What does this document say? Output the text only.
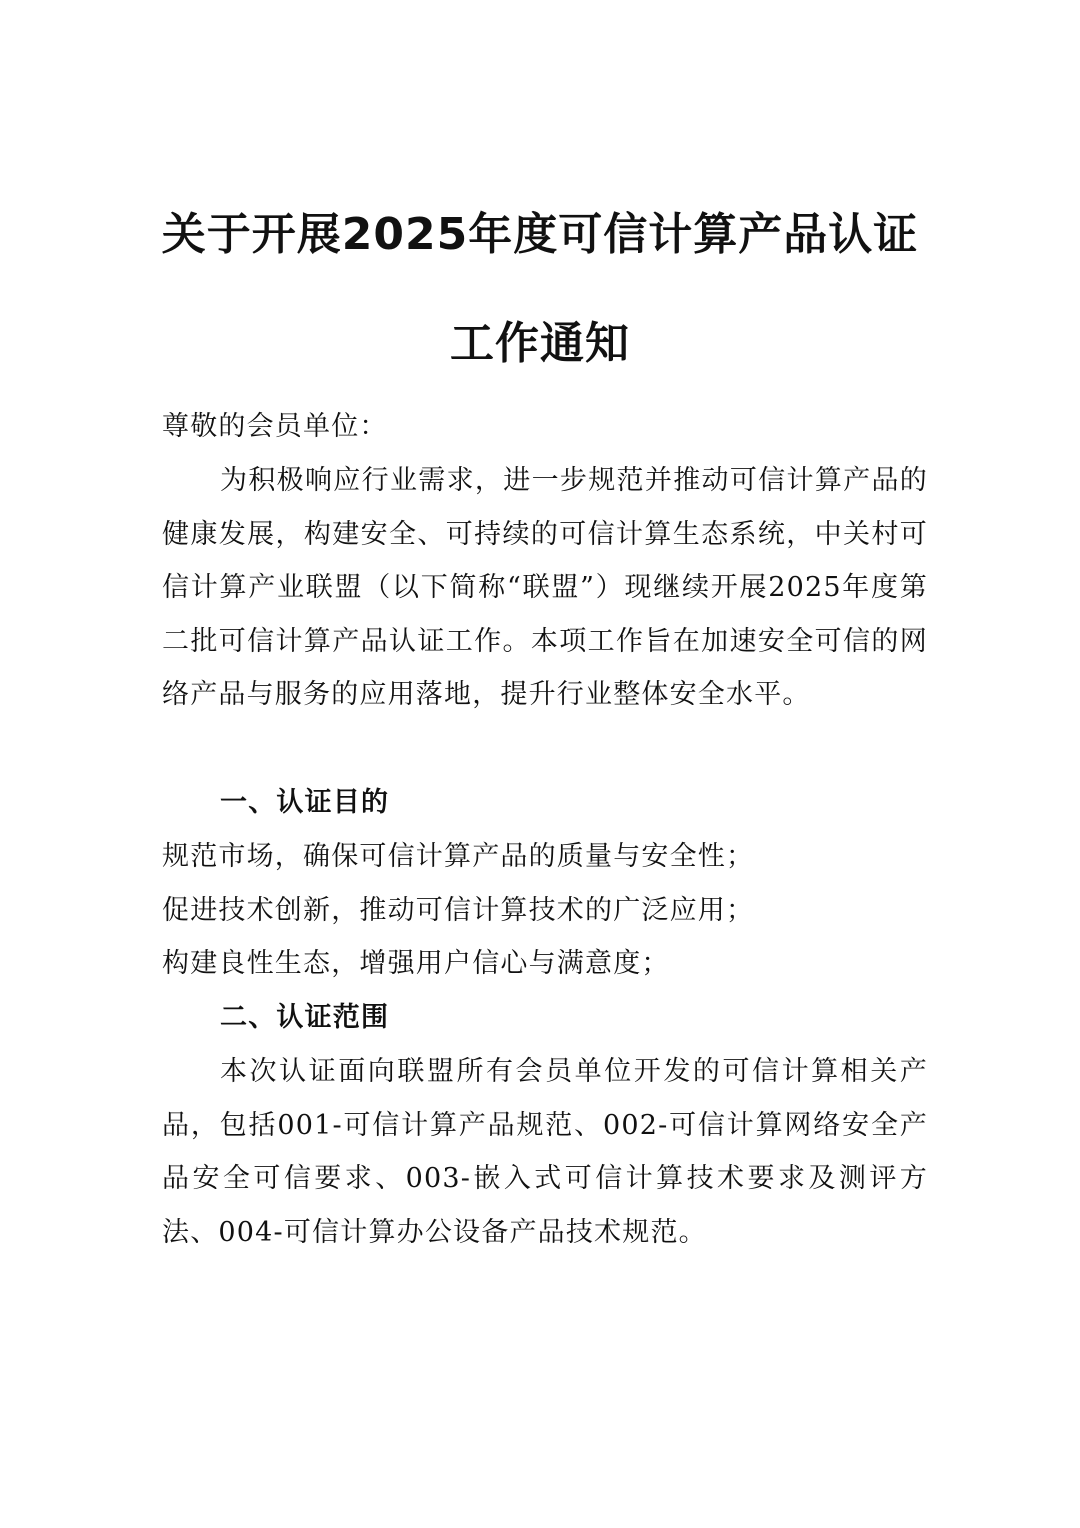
关于开展2025年度可信计算产品认证
工作通知
尊敬的会员单位：

为积极响应行业需求，进一步规范并推动可信计算产品的健康发展，构建安全、可持续的可信计算生态系统，中关村可信计算产业联盟（以下简称“联盟”）现继续开展2025年度第二批可信计算产品认证工作。本项工作旨在加速安全可信的网络产品与服务的应用落地，提升行业整体安全水平。

一、认证目的
规范市场，确保可信计算产品的质量与安全性；
促进技术创新，推动可信计算技术的广泛应用；
构建良性生态，增强用户信心与满意度；
二、认证范围

本次认证面向联盟所有会员单位开发的可信计算相关产品，包括001-可信计算产品规范、002-可信计算网络安全产品安全可信要求、003-嵌入式可信计算技术要求及测评方法、004-可信计算办公设备产品技术规范。
